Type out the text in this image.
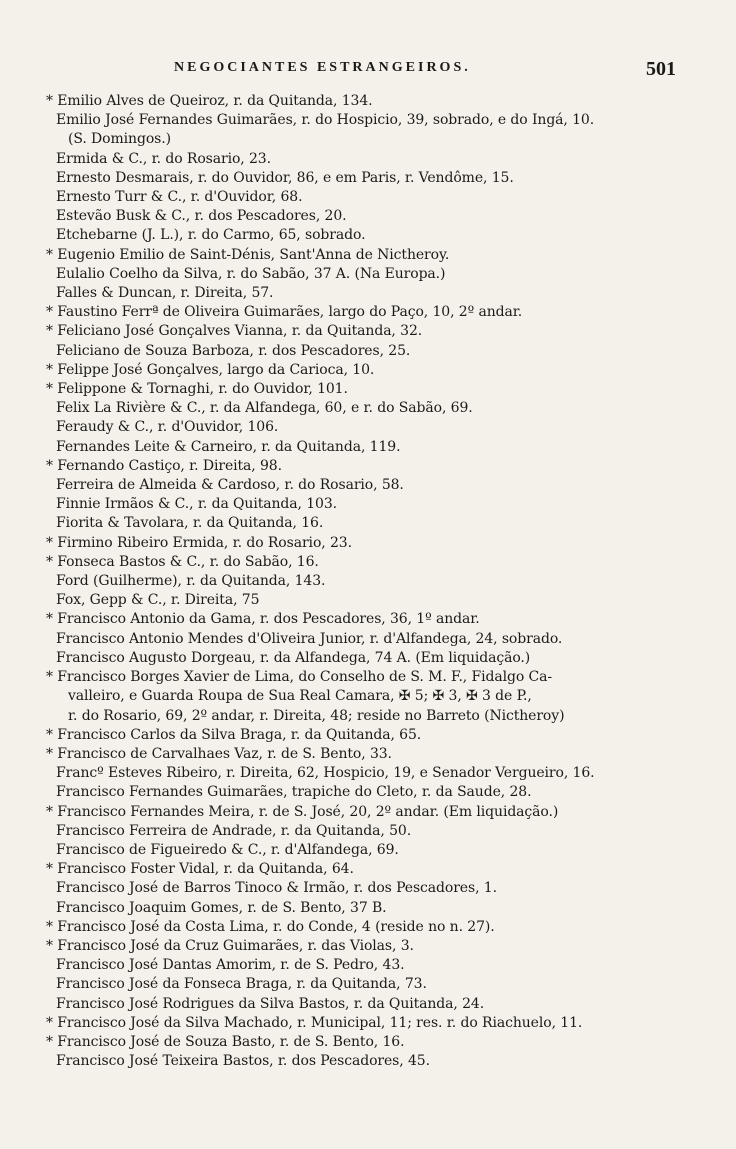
NEGOCIANTES ESTRANGEIROS.	501
* Emilio Alves de Queiroz, r. da Quitanda, 134.
Emilio José Fernandes Guimarães, r. do Hospicio, 39, sobrado, e do Ingá, 10.
(S. Domingos.)
Ermida & C., r. do Rosario, 23.
Ernesto Desmarais, r. do Ouvidor, 86, e em Paris, r. Vendôme, 15.
Ernesto Turr & C., r. d'Ouvidor, 68.
Estevão Busk & C., r. dos Pescadores, 20.
Etchebarne (J. L.), r. do Carmo, 65, sobrado.
* Eugenio Emilio de Saint-Dénis, Sant'Anna de Nictheroy.
Eulalio Coelho da Silva, r. do Sabão, 37 A. (Na Europa.)
Falles & Duncan, r. Direita, 57.
* Faustino Ferrª de Oliveira Guimarães, largo do Paço, 10, 2º andar.
* Feliciano José Gonçalves Vianna, r. da Quitanda, 32.
Feliciano de Souza Barboza, r. dos Pescadores, 25.
* Felippe José Gonçalves, largo da Carioca, 10.
* Felippone & Tornaghi, r. do Ouvidor, 101.
Felix La Rivière & C., r. da Alfandega, 60, e r. do Sabão, 69.
Feraudy & C., r. d'Ouvidor, 106.
Fernandes Leite & Carneiro, r. da Quitanda, 119.
* Fernando Castiço, r. Direita, 98.
Ferreira de Almeida & Cardoso, r. do Rosario, 58.
Finnie Irmãos & C., r. da Quitanda, 103.
Fiorita & Tavolara, r. da Quitanda, 16.
* Firmino Ribeiro Ermida, r. do Rosario, 23.
* Fonseca Bastos & C., r. do Sabão, 16.
Ford (Guilherme), r. da Quitanda, 143.
Fox, Gepp & C., r. Direita, 75
* Francisco Antonio da Gama, r. dos Pescadores, 36, 1º andar.
Francisco Antonio Mendes d'Oliveira Junior, r. d'Alfandega, 24, sobrado.
Francisco Augusto Dorgeau, r. da Alfandega, 74 A. (Em liquidação.)
* Francisco Borges Xavier de Lima, do Conselho de S. M. F., Fidalgo Ca-
valleiro, e Guarda Roupa de Sua Real Camara, ✠ 5; ✠ 3, ✠ 3 de P.,
r. do Rosario, 69, 2º andar, r. Direita, 48; reside no Barreto (Nictheroy)
* Francisco Carlos da Silva Braga, r. da Quitanda, 65.
* Francisco de Carvalhaes Vaz, r. de S. Bento, 33.
Francº Esteves Ribeiro, r. Direita, 62, Hospicio, 19, e Senador Vergueiro, 16.
Francisco Fernandes Guimarães, trapiche do Cleto, r. da Saude, 28.
* Francisco Fernandes Meira, r. de S. José, 20, 2º andar. (Em liquidação.)
Francisco Ferreira de Andrade, r. da Quitanda, 50.
Francisco de Figueiredo & C., r. d'Alfandega, 69.
* Francisco Foster Vidal, r. da Quitanda, 64.
Francisco José de Barros Tinoco & Irmão, r. dos Pescadores, 1.
Francisco Joaquim Gomes, r. de S. Bento, 37 B.
* Francisco José da Costa Lima, r. do Conde, 4 (reside no n. 27).
* Francisco José da Cruz Guimarães, r. das Violas, 3.
Francisco José Dantas Amorim, r. de S. Pedro, 43.
Francisco José da Fonseca Braga, r. da Quitanda, 73.
Francisco José Rodrigues da Silva Bastos, r. da Quitanda, 24.
* Francisco José da Silva Machado, r. Municipal, 11; res. r. do Riachuelo, 11.
* Francisco José de Souza Basto, r. de S. Bento, 16.
Francisco José Teixeira Bastos, r. dos Pescadores, 45.
